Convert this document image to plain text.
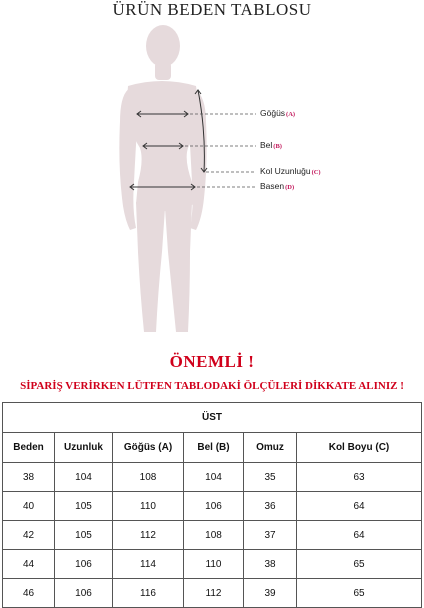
ÜRÜN BEDEN TABLOSU
Göğüs(A)
Bel(B)
Kol Uzunluğu(C)
Basen(D)
ÖNEMLİ !
SİPARİŞ VERİRKEN LÜTFEN TABLODAKİ ÖLÇÜLERİ DİKKATE ALINIZ !
ÜST					
Beden	Uzunluk	Göğüs (A)	Bel (B)	Omuz	Kol Boyu (C)
38	104	108	104	35	63
40	105	110	106	36	64
42	105	112	108	37	64
44	106	114	110	38	65
46	106	116	112	39	65
